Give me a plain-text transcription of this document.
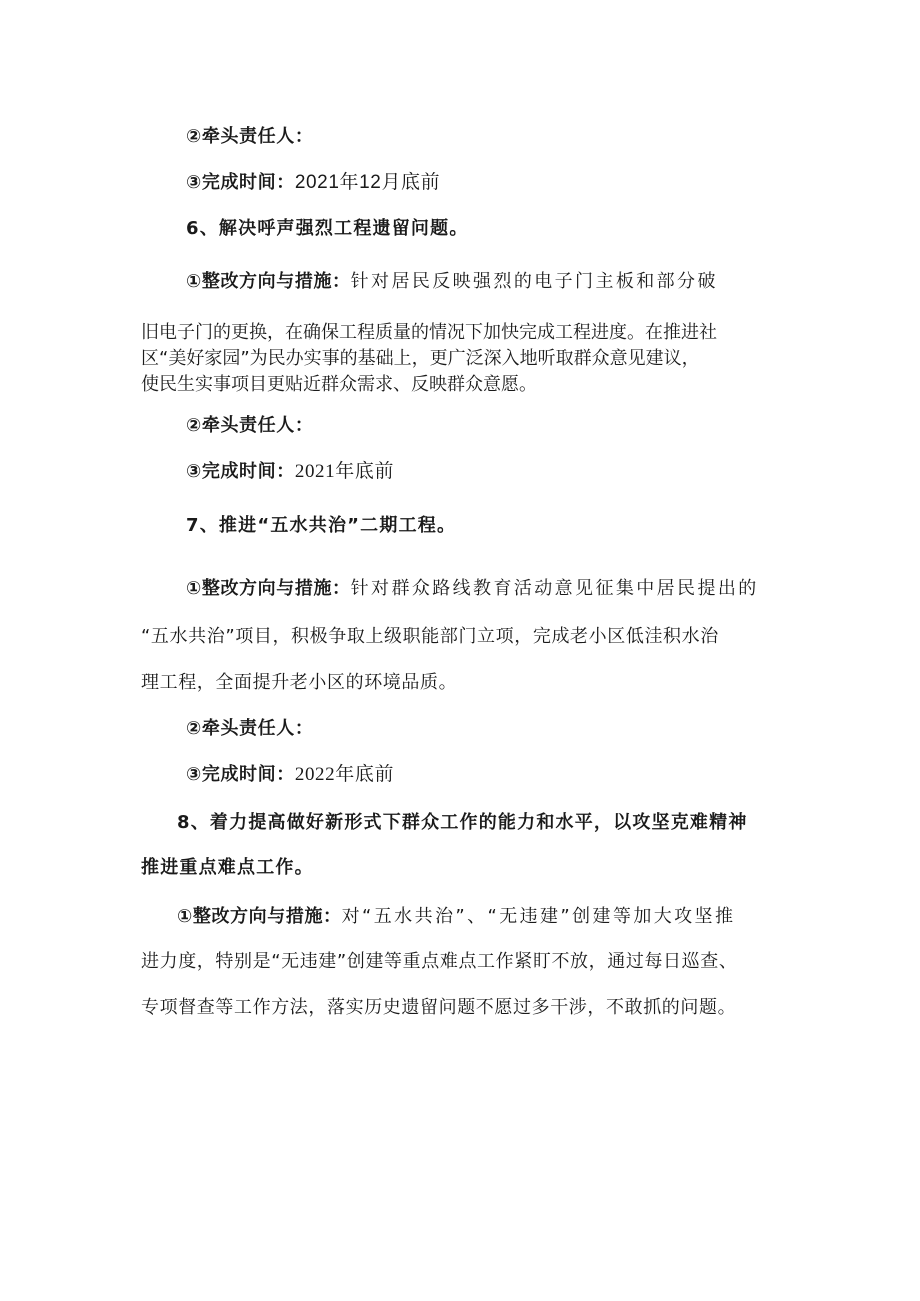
②牵头责任人：
③完成时间：2021年12月底前
6、解决呼声强烈工程遗留问题。
①整改方向与措施：针对居民反映强烈的电子门主板和部分破
旧电子门的更换，在确保工程质量的情况下加快完成工程进度。在推进社
区“美好家园”为民办实事的基础上，更广泛深入地听取群众意见建议，
使民生实事项目更贴近群众需求、反映群众意愿。
②牵头责任人：
③完成时间：2021年底前
7、推进“五水共治”二期工程。
①整改方向与措施：针对群众路线教育活动意见征集中居民提出的
“五水共治”项目，积极争取上级职能部门立项，完成老小区低洼积水治
理工程，全面提升老小区的环境品质。
②牵头责任人：
③完成时间：2022年底前
8、着力提高做好新形式下群众工作的能力和水平，以攻坚克难精神
推进重点难点工作。
①整改方向与措施：对“五水共治”、“无违建”创建等加大攻坚推
进力度，特别是“无违建”创建等重点难点工作紧盯不放，通过每日巡查、
专项督查等工作方法，落实历史遗留问题不愿过多干涉，不敢抓的问题。
